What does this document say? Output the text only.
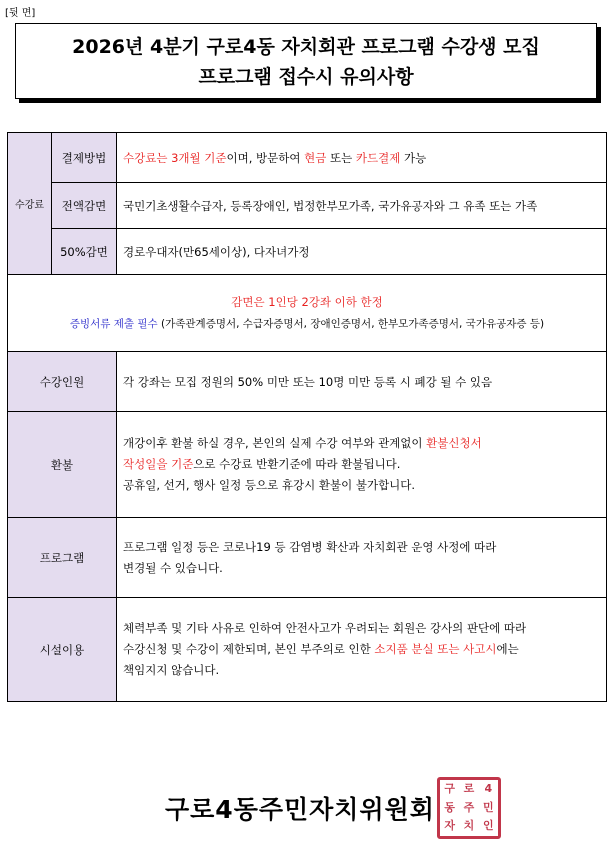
[뒷 면]
2026년 4분기 구로4동 자치회관 프로그램 수강생 모집
프로그램 접수시 유의사항
수강료	결제방법	수강료는 3개월 기준이며, 방문하여 현금 또는 카드결제 가능
	전액감면	국민기초생활수급자, 등록장애인, 법정한부모가족, 국가유공자와 그 유족 또는 가족
	50%감면	경로우대자(만65세이상), 다자녀가정

감면은 1인당 2강좌 이하 한정
증빙서류 제출 필수 (가족관계증명서, 수급자증명서, 장애인증명서, 한부모가족증명서, 국가유공자증 등)		

수강인원		각 강좌는 모집 정원의 50% 미만 또는 10명 미만 등록 시 폐강 될 수 있음
환불		개강이후 환불 하실 경우, 본인의 실제 수강 여부와 관계없이 환불신청서
작성일을 기준으로 수강료 반환기준에 따라 환불됩니다.
공휴일, 선거, 행사 일정 등으로 휴강시 환불이 불가합니다.
프로그램		프로그램 일정 등은 코로나19 등 감염병 확산과 자치회관 운영 사정에 따라
변경될 수 있습니다.
시설이용		체력부족 및 기타 사유로 인하여 안전사고가 우려되는 회원은 강사의 판단에 따라
수강신청 및 수강이 제한되며, 본인 부주의로 인한 소지품 분실 또는 사고시에는
책임지지 않습니다.
구로4동주민자치위원회
구 로 4
동 주 민
자 치 인
